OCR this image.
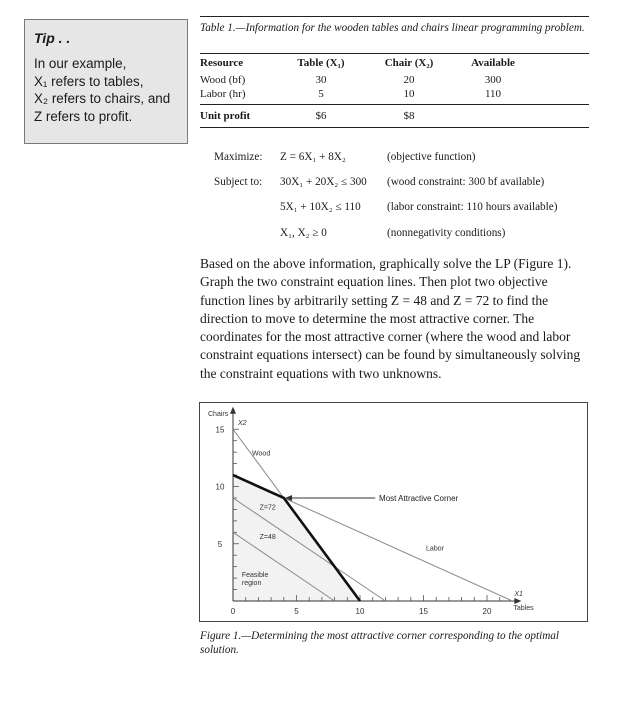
Tip . .
In our example,
X₁ refers to tables,
X₂ refers to chairs, and
Z refers to profit.
Table 1.—Information for the wooden tables and chairs linear programming problem.
Resource	Table (X₁)	Chair (X₂)	Available
Wood (bf)	30	20	300
Labor (hr)	5	10	110
Unit profit	$6	$8
Maximize: Z = 6X₁ + 8X₂	(objective function)
Subject to: 30X₁ + 20X₂ ≤ 300 (wood constraint: 300 bf available)
5X₁ + 10X₂ ≤ 110 (labor constraint: 110 hours available)
X₁, X₂ ≥ 0	(nonnegativity conditions)
Based on the above information, graphically solve the LP (Figure 1). Graph the two constraint equation lines. Then plot two objective function lines by arbitrarily setting Z = 48 and Z = 72 to find the direction to move to determine the most attractive corner. The coordinates for the most attractive corner (where the wood and labor constraint equations intersect) can be found by simultaneously solving the constraint equations with two unknowns.
0	5	10	15	20
5
10
15
Chairs
X2
X1
Tables
Wood
Labor
Z=72
Z=48
Feasible
region
Most Attractive Corner
Figure 1.—Determining the most attractive corner corresponding to the optimal solution.
